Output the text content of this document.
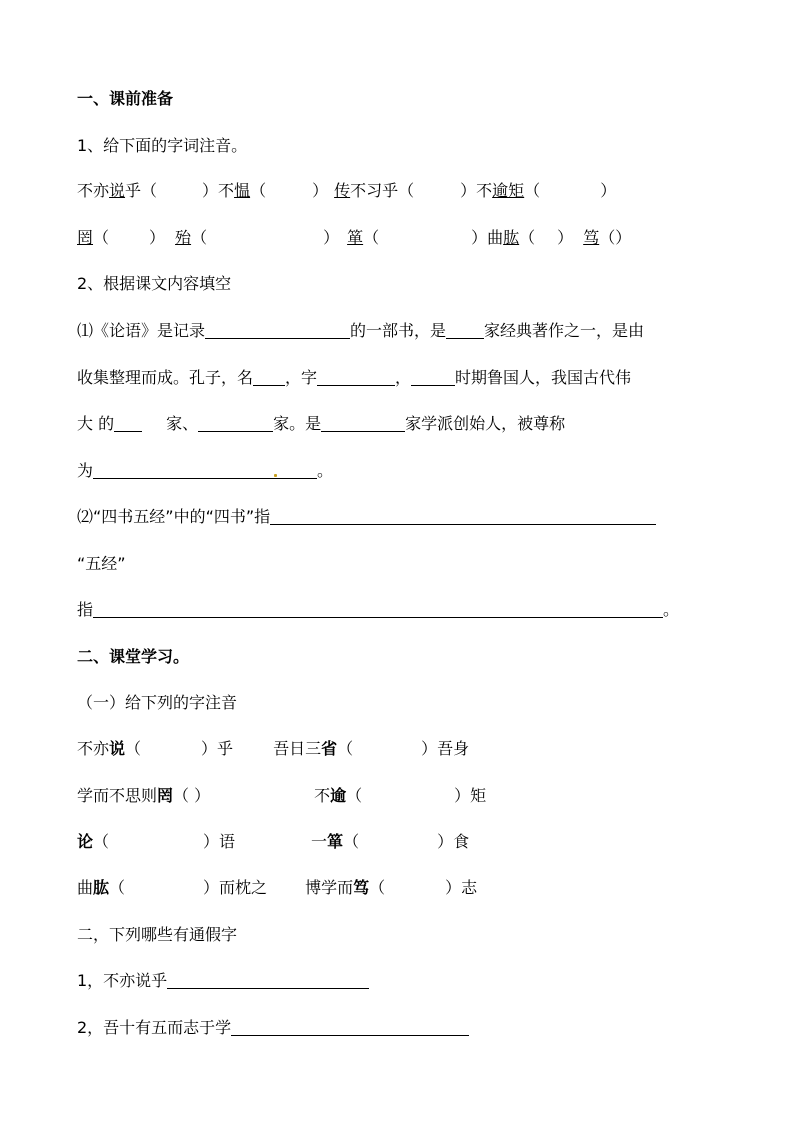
一、课前准备
1、给下面的字词注音。
不亦说乎（	）不愠（	） 传不习乎（	）不逾矩（	）
罔（	） 殆（	） 箪（	）曲肱（ ） 笃（）
2、根据课文内容填空
⑴《论语》是记录	的一部书，是 家经典著作之一，是由
收集整理而成。孔子，名 ，字	，	时期鲁国人，我国古代伟
大 的	家、	家。是	家学派创始人，被尊称
为	。
⑵“四书五经”中的“四书”指
“五经”
指	。
二、课堂学习。
（一）给下列的字注音
不亦说（	）乎	吾日三省（	）吾身
学而不思则罔（ ）	不逾（	）矩
论（	）语	一箪（	）食
曲肱（	）而枕之 博学而笃（	）志
二，下列哪些有通假字
1，不亦说乎
2，吾十有五而志于学
